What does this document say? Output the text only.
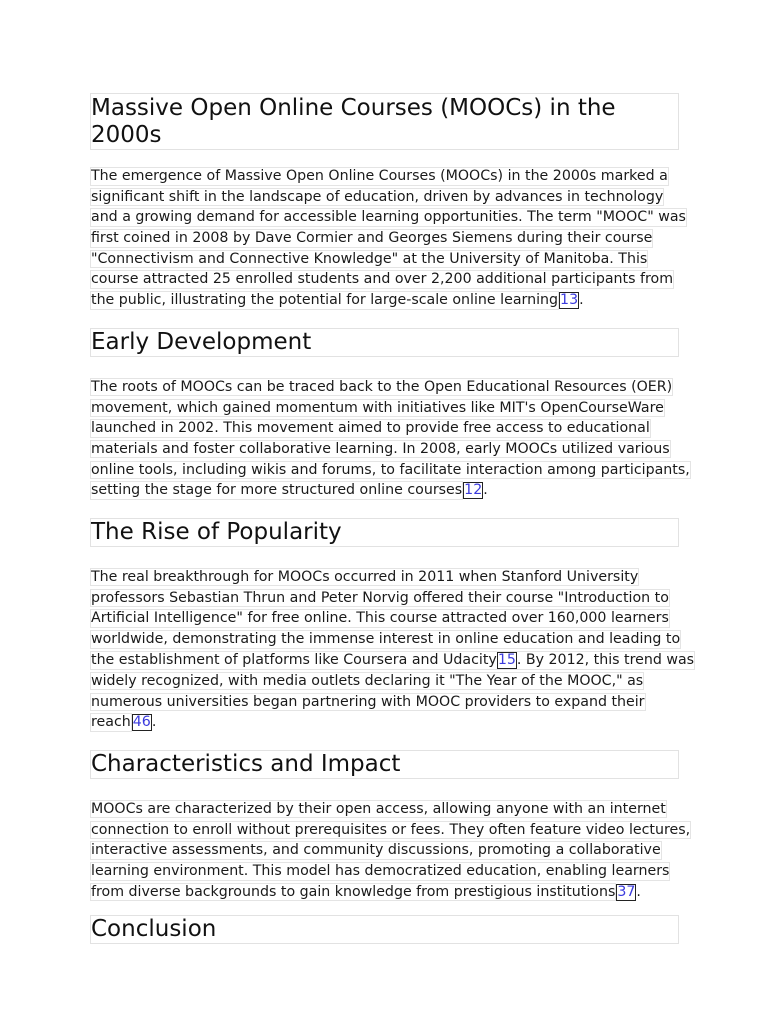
Massive Open Online Courses (MOOCs) in the 2000s

The emergence of Massive Open Online Courses (MOOCs) in the 2000s marked a
significant shift in the landscape of education, driven by advances in technology
and a growing demand for accessible learning opportunities. The term "MOOC" was
first coined in 2008 by Dave Cormier and Georges Siemens during their course
"Connectivism and Connective Knowledge" at the University of Manitoba. This
course attracted 25 enrolled students and over 2,200 additional participants from
the public, illustrating the potential for large-scale online learning 13.

Early Development

The roots of MOOCs can be traced back to the Open Educational Resources (OER)
movement, which gained momentum with initiatives like MIT's OpenCourseWare
launched in 2002. This movement aimed to provide free access to educational
materials and foster collaborative learning. In 2008, early MOOCs utilized various
online tools, including wikis and forums, to facilitate interaction among participants,
setting the stage for more structured online courses 12.

The Rise of Popularity

The real breakthrough for MOOCs occurred in 2011 when Stanford University
professors Sebastian Thrun and Peter Norvig offered their course "Introduction to
Artificial Intelligence" for free online. This course attracted over 160,000 learners
worldwide, demonstrating the immense interest in online education and leading to
the establishment of platforms like Coursera and Udacity15. By 2012, this trend was
widely recognized, with media outlets declaring it "The Year of the MOOC," as
numerous universities began partnering with MOOC providers to expand their
reach 46.

Characteristics and Impact

MOOCs are characterized by their open access, allowing anyone with an internet
connection to enroll without prerequisites or fees. They often feature video lectures,
interactive assessments, and community discussions, promoting a collaborative
learning environment. This model has democratized education, enabling learners
from diverse backgrounds to gain knowledge from prestigious institutions 37.

Conclusion
